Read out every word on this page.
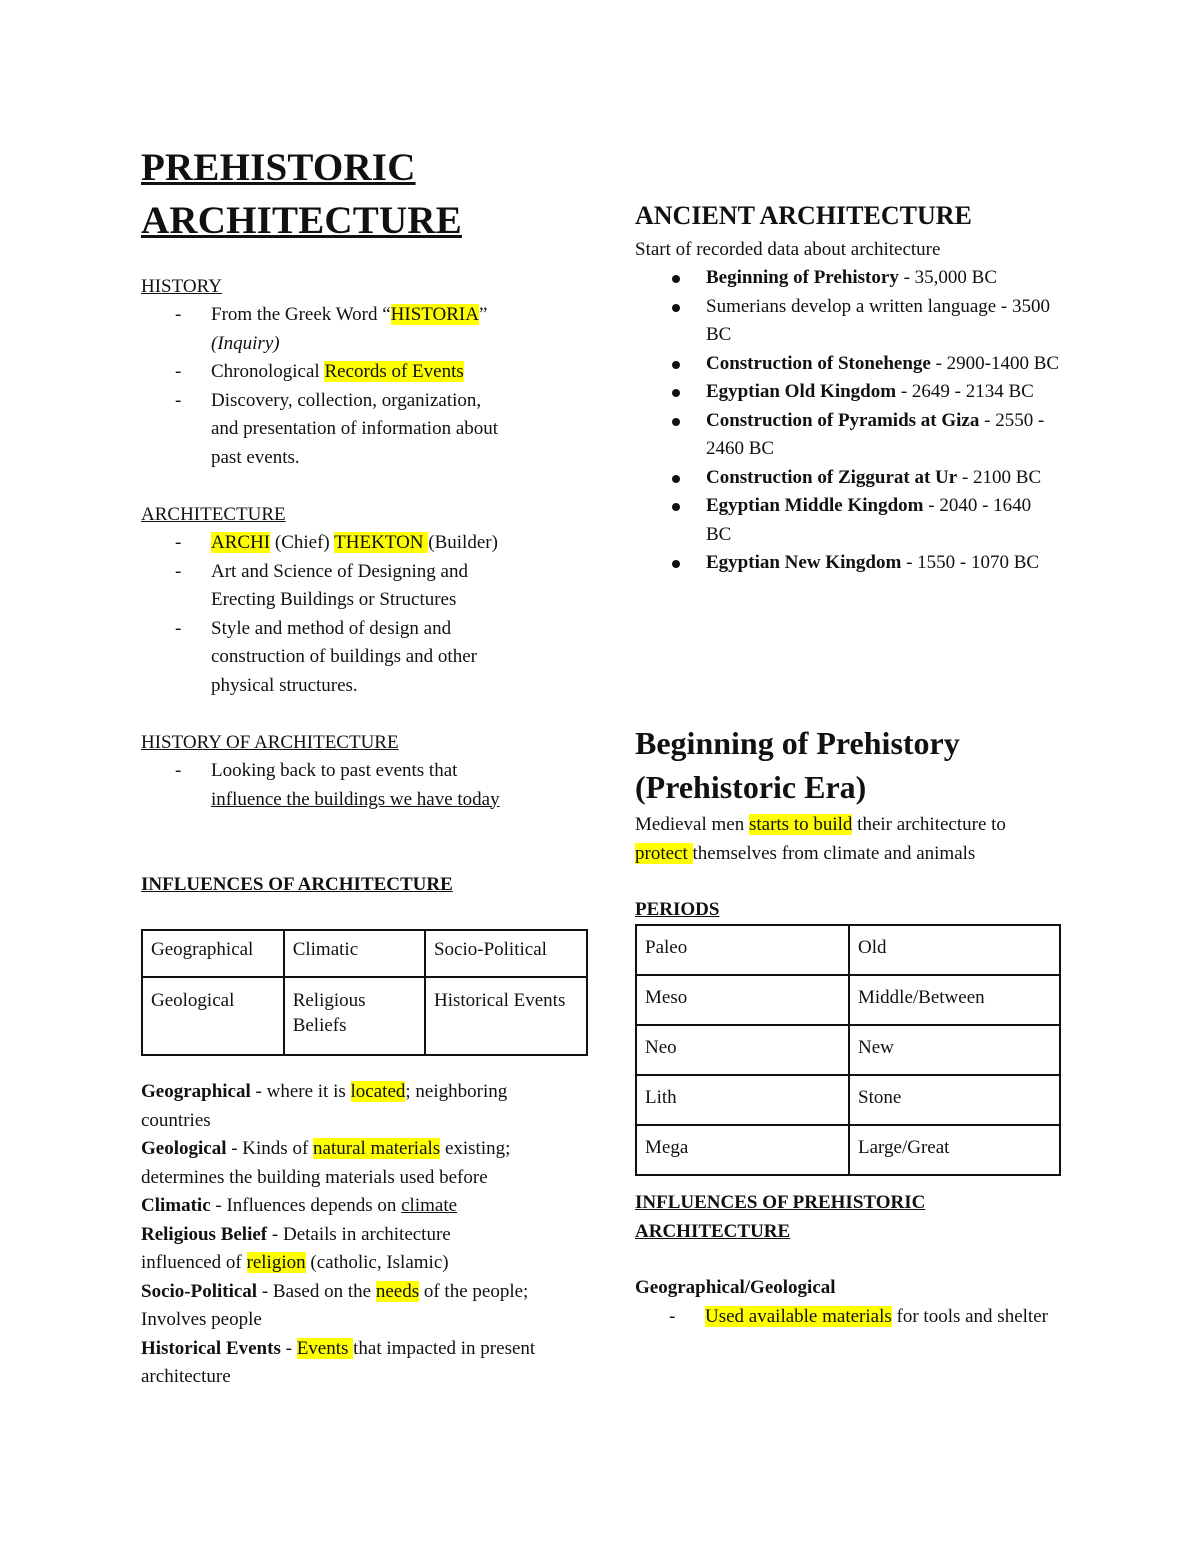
PREHISTORIC
ARCHITECTURE
HISTORY
- From the Greek Word “HISTORIA”
(Inquiry)
- Chronological Records of Events
- Discovery, collection, organization, and presentation of information about past events.
ARCHITECTURE
- ARCHI (Chief) THEKTON (Builder)
- Art and Science of Designing and Erecting Buildings or Structures
- Style and method of design and construction of buildings and other physical structures.
HISTORY OF ARCHITECTURE
- Looking back to past events that
influence the buildings we have today
INFLUENCES OF ARCHITECTURE
Geographical	Climatic	Socio-Political
Geological	Religious Beliefs	Historical Events
Geographical - where it is located; neighboring countries
Geological - Kinds of natural materials existing; determines the building materials used before
Climatic - Influences depends on climate
Religious Belief - Details in architecture influenced of religion (catholic, Islamic)
Socio-Political - Based on the needs of the people; Involves people
Historical Events - Events that impacted in present architecture
ANCIENT ARCHITECTURE
Start of recorded data about architecture
Beginning of Prehistory - 35,000 BC
Sumerians develop a written language - 3500 BC
Construction of Stonehenge - 2900-1400 BC
Egyptian Old Kingdom - 2649 - 2134 BC
Construction of Pyramids at Giza - 2550 - 2460 BC
Construction of Ziggurat at Ur - 2100 BC
Egyptian Middle Kingdom - 2040 - 1640 BC
Egyptian New Kingdom - 1550 - 1070 BC
Beginning of Prehistory
(Prehistoric Era)
Medieval men starts to build their architecture to protect themselves from climate and animals
PERIODS
Paleo	Old
Meso	Middle/Between
Neo	New
Lith	Stone
Mega	Large/Great
INFLUENCES OF PREHISTORIC
ARCHITECTURE
Geographical/Geological
- Used available materials for tools and shelter
